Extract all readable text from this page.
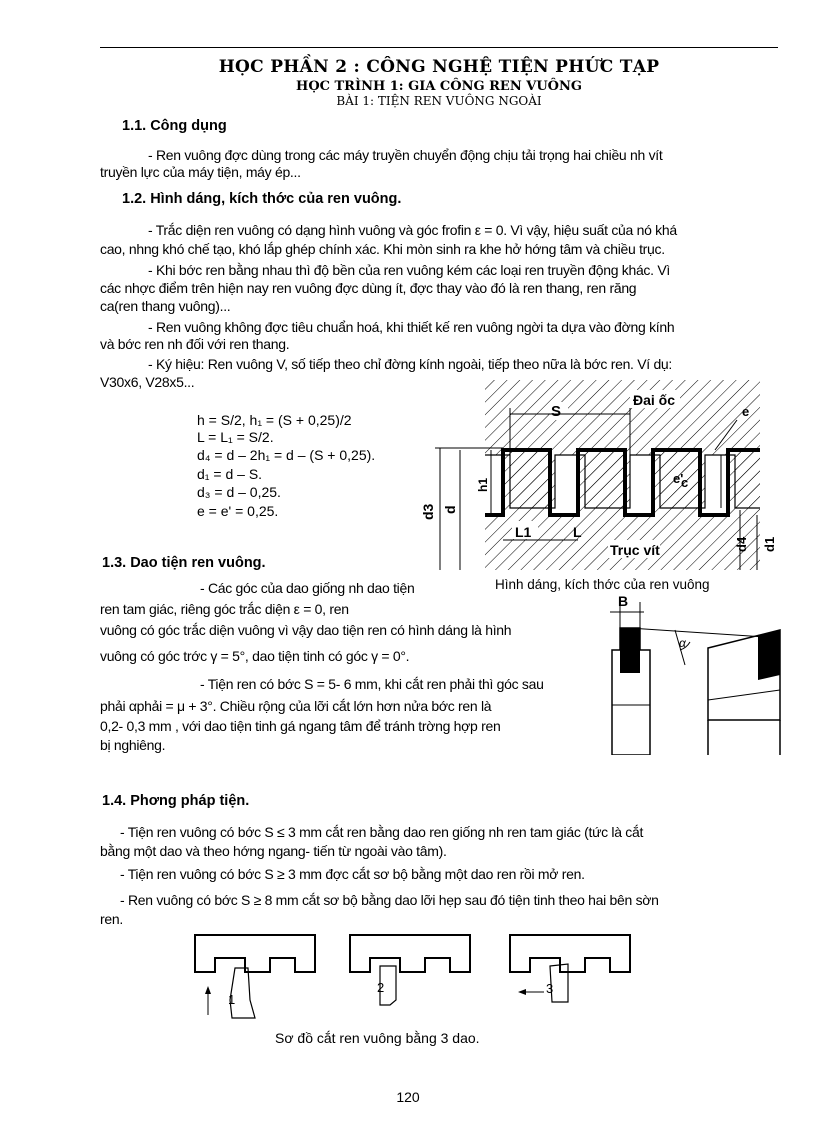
HỌC PHẦN 2 : CÔNG NGHỆ TIỆN PHỨC TẠP
HỌC TRÌNH 1: GIA CÔNG REN VUÔNG
BÀI 1: TIỆN REN VUÔNG NGOÀI
1.1. Công dụng
- Ren vuông đợc dùng trong các máy truyền chuyển động chịu tải trọng hai chiều nh vít
truyền lực của máy tiện, máy ép...
1.2. Hình dáng, kích thớc của ren vuông.
- Trắc diện ren vuông có dạng hình vuông và góc frofin ε = 0. Vì vậy, hiệu suất của nó khá
cao, nhng khó chế tạo, khó lắp ghép chính xác. Khi mòn sinh ra khe hở hớng tâm và chiều trục.
- Khi bớc ren bằng nhau thì độ bền của ren vuông kém các loại ren truyền động khác. Vì
các nhợc điểm trên hiện nay ren vuông đợc dùng ít, đợc thay vào đó là ren thang, ren răng
ca(ren thang vuông)...
- Ren vuông không đợc tiêu chuẩn hoá, khi thiết kế ren vuông ngời ta dựa vào đờng kính
và bớc ren nh đối với ren thang.
- Ký hiệu: Ren vuông V, số tiếp theo chỉ đờng kính ngoài, tiếp theo nữa là bớc ren. Ví dụ:
V30x6, V28x5...
h = S/2, h₁ = (S + 0,25)/2
L = L₁ = S/2.
d₄ = d – 2h₁ = d – (S + 0,25).
d₁ = d – S.
d₃ = d – 0,25.
e = e' = 0,25.
S
Đai ốc
e
c
e'
h1
L1	L
Trục vít
d3 d
d4 d1
1.3. Dao tiện ren vuông.
Hình dáng, kích thớc của ren vuông
- Các góc của dao giống nh dao tiện
ren tam giác, riêng góc trắc diện ε = 0, ren
vuông có góc trắc diện vuông vì vậy dao tiện ren có hình dáng là hình
vuông có góc trớc γ = 5°, dao tiện tinh có góc γ = 0°.
- Tiện ren có bớc S = 5- 6 mm, khi cắt ren phải thì góc sau
phải αphải = μ + 3°. Chiều rộng của lỡi cắt lớn hơn nửa bớc ren là
0,2- 0,3 mm , với dao tiện tinh gá ngang tâm để tránh trờng hợp ren
bị nghiêng.
B
α
1.4. Phơng pháp tiện.
- Tiện ren vuông có bớc S ≤ 3 mm cắt ren bằng dao ren giống nh ren tam giác (tức là cắt
bằng một dao và theo hớng ngang- tiến từ ngoài vào tâm).
- Tiện ren vuông có bớc S ≥ 3 mm đợc cắt sơ bộ bằng một dao ren rồi mở ren.
- Ren vuông có bớc S ≥ 8 mm cắt sơ bộ bằng dao lỡi hẹp sau đó tiện tinh theo hai bên sờn
ren.
1
2	3
Sơ đồ cắt ren vuông bằng 3 dao.
120
